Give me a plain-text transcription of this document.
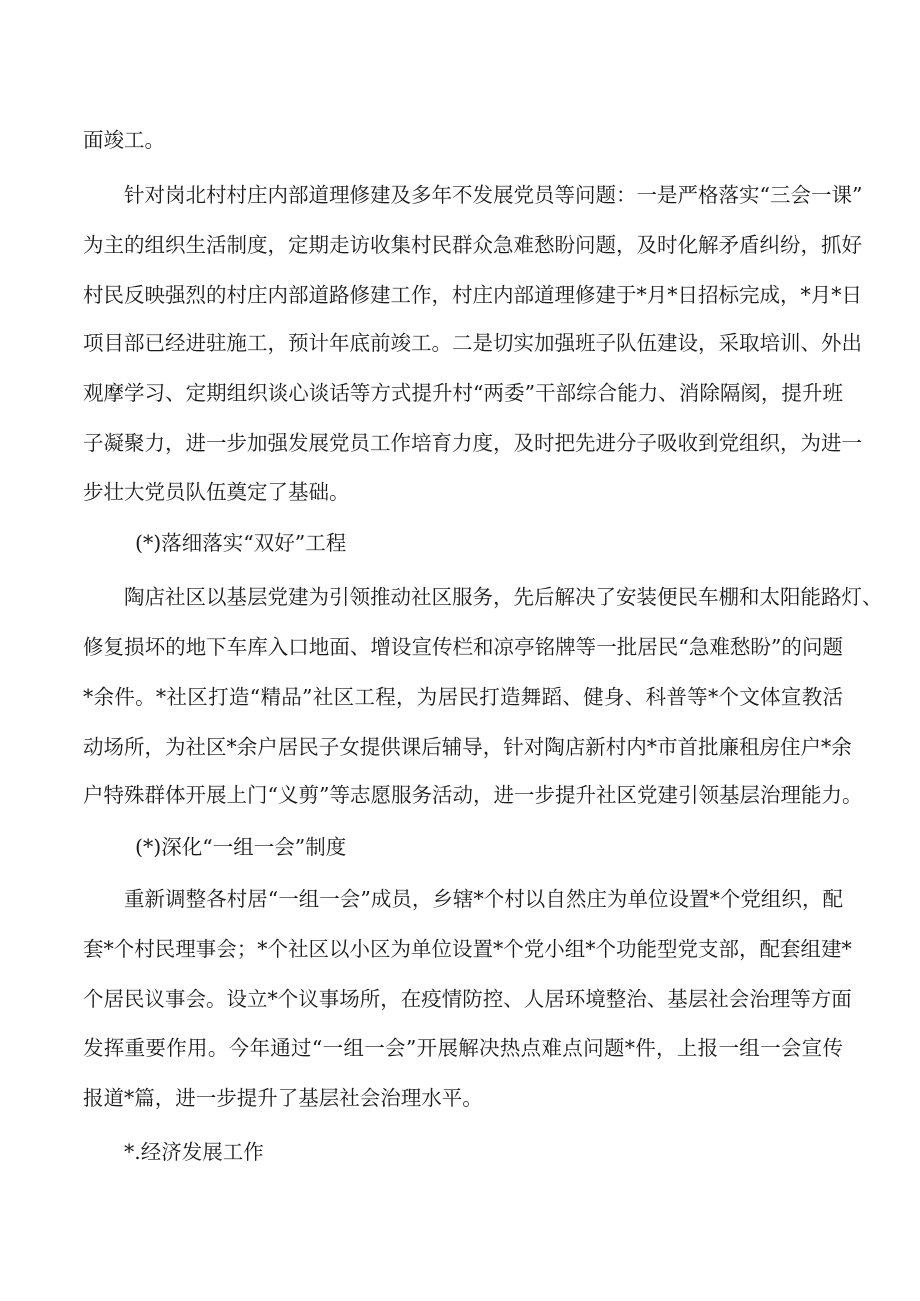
面竣工。
针对岗北村村庄内部道理修建及多年不发展党员等问题：一是严格落实“三会一课”
为主的组织生活制度，定期走访收集村民群众急难愁盼问题，及时化解矛盾纠纷，抓好
村民反映强烈的村庄内部道路修建工作，村庄内部道理修建于*月*日招标完成，*月*日
项目部已经进驻施工，预计年底前竣工。二是切实加强班子队伍建设，采取培训、外出
观摩学习、定期组织谈心谈话等方式提升村“两委”干部综合能力、消除隔阂，提升班
子凝聚力，进一步加强发展党员工作培育力度，及时把先进分子吸收到党组织，为进一
步壮大党员队伍奠定了基础。
(*)落细落实“双好”工程
陶店社区以基层党建为引领推动社区服务，先后解决了安装便民车棚和太阳能路灯、
修复损坏的地下车库入口地面、增设宣传栏和凉亭铭牌等一批居民“急难愁盼”的问题
*余件。*社区打造“精品”社区工程，为居民打造舞蹈、健身、科普等*个文体宣教活
动场所，为社区*余户居民子女提供课后辅导，针对陶店新村内*市首批廉租房住户*余
户特殊群体开展上门“义剪”等志愿服务活动，进一步提升社区党建引领基层治理能力。
(*)深化“一组一会”制度
重新调整各村居“一组一会”成员，乡辖*个村以自然庄为单位设置*个党组织，配
套*个村民理事会；*个社区以小区为单位设置*个党小组*个功能型党支部，配套组建*
个居民议事会。设立*个议事场所，在疫情防控、人居环境整治、基层社会治理等方面
发挥重要作用。今年通过“一组一会”开展解决热点难点问题*件，上报一组一会宣传
报道*篇，进一步提升了基层社会治理水平。
*.经济发展工作
